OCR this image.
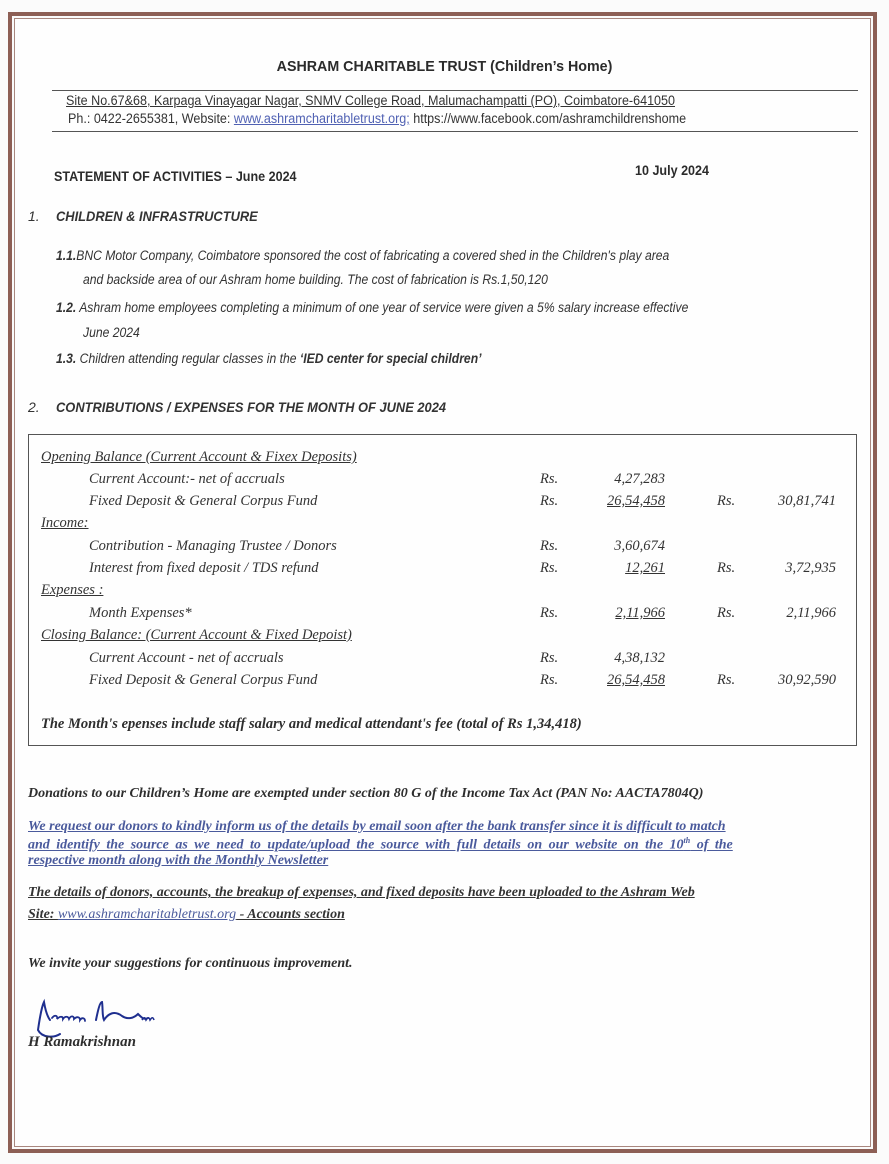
ASHRAM CHARITABLE TRUST (Children’s Home)
Site No.67&68, Karpaga Vinayagar Nagar, SNMV College Road, Malumachampatti (PO), Coimbatore-641050
Ph.: 0422-2655381, Website: www.ashramcharitabletrust.org; https://www.facebook.com/ashramchildrenshome
STATEMENT OF ACTIVITIES – June 2024	10 July 2024
1. CHILDREN & INFRASTRUCTURE
1.1.BNC Motor Company, Coimbatore sponsored the cost of fabricating a covered shed in the Children's play area
and backside area of our Ashram home building. The cost of fabrication is Rs.1,50,120
1.2. Ashram home employees completing a minimum of one year of service were given a 5% salary increase effective
June 2024
1.3. Children attending regular classes in the ‘IED center for special children’
2. CONTRIBUTIONS / EXPENSES FOR THE MONTH OF JUNE 2024
Opening Balance (Current Account & Fixex Deposits)
Current Account:- net of accruals	Rs.	4,27,283
Fixed Deposit & General Corpus Fund	Rs.	26,54,458	Rs.	30,81,741
Income:
Contribution - Managing Trustee / Donors	Rs.	3,60,674
Interest from fixed deposit / TDS refund	Rs.	12,261	Rs.	3,72,935
Expenses :
Month Expenses*	Rs.	2,11,966	Rs.	2,11,966
Closing Balance: (Current Account & Fixed Depoist)
Current Account - net of accruals	Rs.	4,38,132
Fixed Deposit & General Corpus Fund	Rs.	26,54,458	Rs.	30,92,590
The Month's epenses include staff salary and medical attendant's fee (total of Rs 1,34,418)
Donations to our Children’s Home are exempted under section 80 G of the Income Tax Act (PAN No: AACTA7804Q)
We request our donors to kindly inform us of the details by email soon after the bank transfer since it is difficult to match
and identify the source as we need to update/upload the source with full details on our website on the 10th of the
respective month along with the Monthly Newsletter
The details of donors, accounts, the breakup of expenses, and fixed deposits have been uploaded to the Ashram Web
Site: www.ashramcharitabletrust.org - Accounts section
We invite your suggestions for continuous improvement.
H Ramakrishnan
